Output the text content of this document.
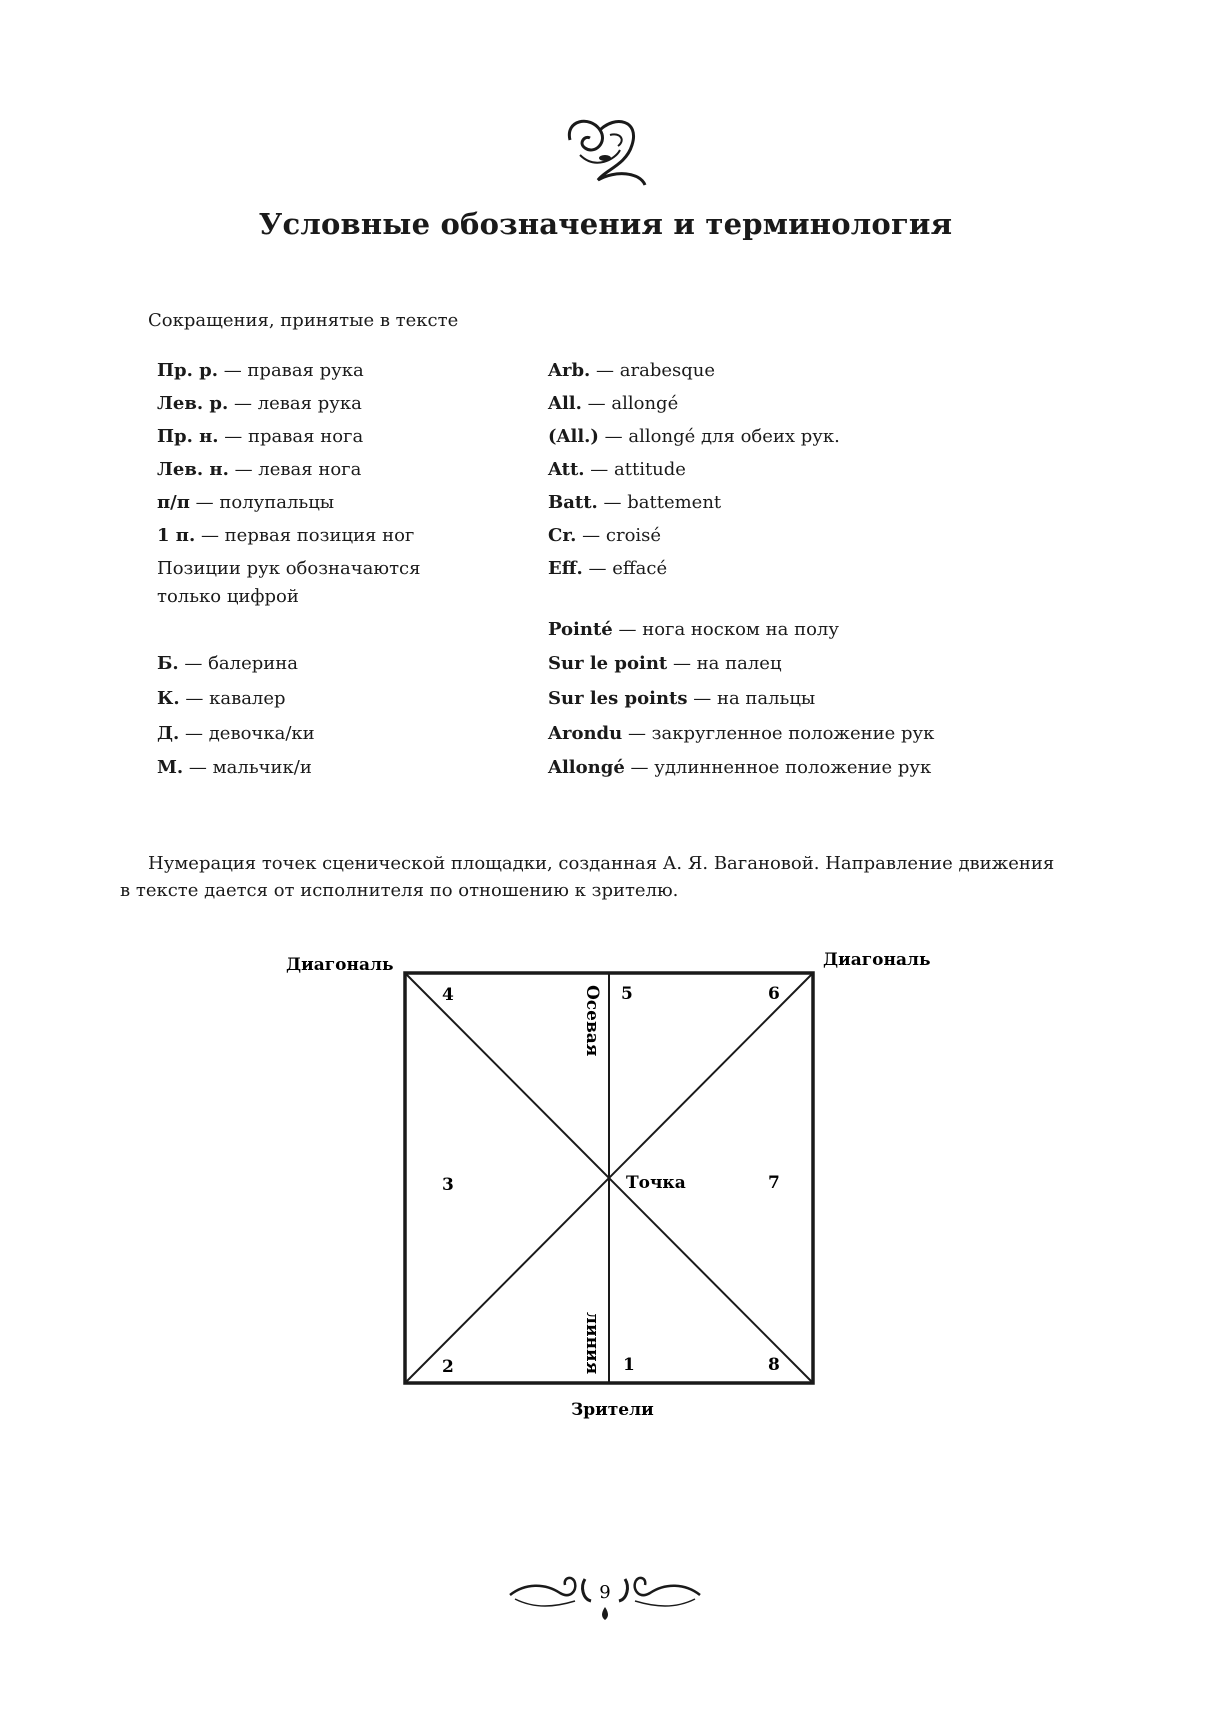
Условные обозначения и терминология
Сокращения, принятые в тексте
Пр. р. — правая рука
Лев. р. — левая рука
Пр. н. — правая нога
Лев. н. — левая нога
п/п — полупальцы
1 п. — первая позиция ног
Позиции рук обозначаются
только цифрой
Б. — балерина
К. — кавалер
Д. — девочка/ки
М. — мальчик/и
Arb. — arabesque
All. — allongé
(All.) — allongé для обеих рук.
Att. — attitude
Batt. — battement
Cr. — croisé
Eff. — effacé
Pointé — нога носком на полу
Sur le point — на палец
Sur les points — на пальцы
Arondu — закругленное положение рук
Allongé — удлинненное положение рук
Нумерация точек сценической площадки, созданная А. Я. Вагановой. Направление движения
в тексте дается от исполнителя по отношению к зрителю.
Диагональ	Диагональ
Осевая
линия
Точка
Зрители
4	5	6
3	7
2	1	8
9
